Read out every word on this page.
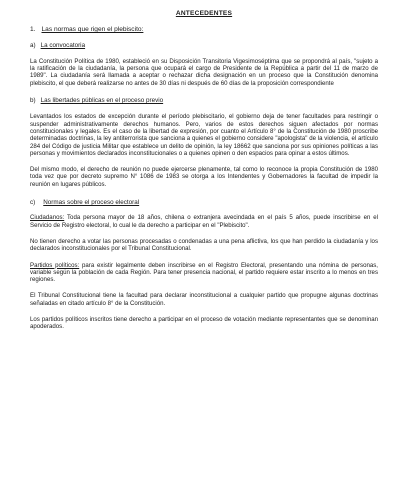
ANTECEDENTES
1. Las normas que rigen el plebiscito:
a) La convocatoria

La Constitución Política de 1980, estableció en su Disposición Transitoria Vigesimoséptima que se propondrá al país, "sujeto a la ratificación de la ciudadanía, la persona que ocupará el cargo de Presidente de la República a partir del 11 de marzo de 1989". La ciudadanía será llamada a aceptar o rechazar dicha designación en un proceso que la Constitución denomina plebiscito, el que deberá realizarse no antes de 30 días ni después de 60 días de la proposición correspondiente

b) Las libertades públicas en el proceso previo

Levantados los estados de excepción durante el período plebiscitario, el gobierno deja de tener facultades para restringir o suspender administrativamente derechos humanos. Pero, varios de estos derechos siguen afectados por normas constitucionales y legales. Es el caso de la libertad de expresión, por cuanto el Artículo 8° de la Constitución de 1980 proscribe determinadas doctrinas, la ley antiterrorista que sanciona a quienes el gobierno considere "apologista" de la violencia, el artículo 284 del Código de justicia Militar que establece un delito de opinión, la ley 18662 que sanciona por sus opiniones políticas a las personas y movimientos declarados inconstitucionales o a quienes opinen o den espacios para opinar a estos últimos.

Del mismo modo, el derecho de reunión no puede ejercerse plenamente, tal como lo reconoce la propia Constitución de 1980 toda vez que por decreto supremo N° 1086 de 1983 se otorga a los Intendentes y Gobernadores la facultad de impedir la reunión en lugares públicos.

c) Normas sobre el proceso electoral

Ciudadanos: Toda persona mayor de 18 años, chilena o extranjera avecindada en el país 5 años, puede inscribirse en el Servicio de Registro electoral, lo cual le da derecho a participar en el "Plebiscito".

No tienen derecho a votar las personas procesadas o condenadas a una pena aflictiva, los que han perdido la ciudadanía y los declarados inconstitucionales por el Tribunal Constitucional.

Partidos políticos: para existir legalmente deben inscribirse en el Registro Electoral, presentando una nómina de personas, variable según la población de cada Región. Para tener presencia nacional, el partido requiere estar inscrito a lo menos en tres regiones.

El Tribunal Constitucional tiene la facultad para declarar inconstitucional a cualquier partido que propugne algunas doctrinas señaladas en citado artículo 8° de la Constitución.

Los partidos políticos inscritos tiene derecho a participar en el proceso de votación mediante representantes que se denominan apoderados.
